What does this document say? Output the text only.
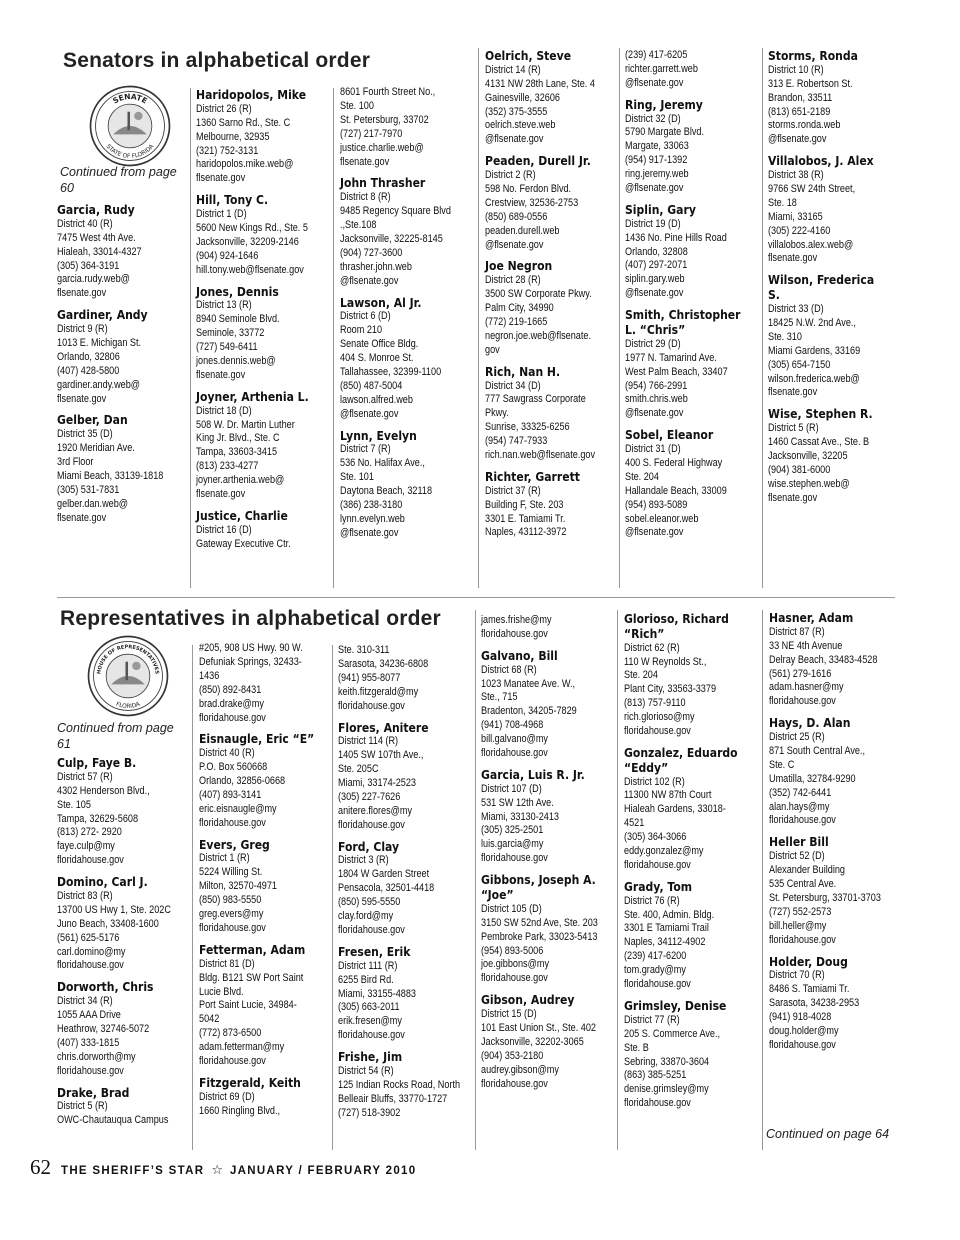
Senators in alphabetical order
SENATE
STATE OF FLORIDA
Continued from page 60
Garcia, Rudy
District 40 (R)
7475 West 4th Ave.
Hialeah, 33014-4327
(305) 364-3191
garcia.rudy.web@
flsenate.gov
Gardiner, Andy
District 9 (R)
1013 E. Michigan St.
Orlando, 32806
(407) 428-5800
gardiner.andy.web@
flsenate.gov
Gelber, Dan
District 35 (D)
1920 Meridian Ave.
3rd Floor
Miami Beach, 33139-1818
(305) 531-7831
gelber.dan.web@
flsenate.gov
Haridopolos, Mike
District 26 (R)
1360 Sarno Rd., Ste. C
Melbourne, 32935
(321) 752-3131
haridopolos.mike.web@
flsenate.gov
Hill, Tony C.
District 1 (D)
5600 New Kings Rd., Ste. 5
Jacksonville, 32209-2146
(904) 924-1646
hill.tony.web@flsenate.gov
Jones, Dennis
District 13 (R)
8940 Seminole Blvd.
Seminole, 33772
(727) 549-6411
jones.dennis.web@
flsenate.gov
Joyner, Arthenia L.
District 18 (D)
508 W. Dr. Martin Luther
King Jr. Blvd., Ste. C
Tampa, 33603-3415
(813) 233-4277
joyner.arthenia.web@
flsenate.gov
Justice, Charlie
District 16 (D)
Gateway Executive Ctr.
8601 Fourth Street No.,
Ste. 100
St. Petersburg, 33702
(727) 217-7970
justice.charlie.web@
flsenate.gov
John Thrasher
District 8 (R)
9485 Regency Square Blvd
.,Ste.108
Jacksonville, 32225-8145
(904) 727-3600
thrasher.john.web
@flsenate.gov
Lawson, Al Jr.
District 6 (D)
Room 210
Senate Office Bldg.
404 S. Monroe St.
Tallahassee, 32399-1100
(850) 487-5004
lawson.alfred.web
@flsenate.gov
Lynn, Evelyn
District 7 (R)
536 No. Halifax Ave.,
Ste. 101
Daytona Beach, 32118
(386) 238-3180
lynn.evelyn.web
@flsenate.gov
Oelrich, Steve
District 14 (R)
4131 NW 28th Lane, Ste. 4
Gainesville, 32606
(352) 375-3555
oelrich.steve.web
@flsenate.gov
Peaden, Durell Jr.
District 2 (R)
598 No. Ferdon Blvd.
Crestview, 32536-2753
(850) 689-0556
peaden.durell.web
@flsenate.gov
Joe Negron
District 28 (R)
3500 SW Corporate Pkwy.
Palm City, 34990
(772) 219-1665
negron.joe.web@flsenate.
gov
Rich, Nan H.
District 34 (D)
777 Sawgrass Corporate
Pkwy.
Sunrise, 33325-6256
(954) 747-7933
rich.nan.web@flsenate.gov
Richter, Garrett
District 37 (R)
Building F, Ste. 203
3301 E. Tamiami Tr.
Naples, 43112-3972
(239) 417-6205
richter.garrett.web
@flsenate.gov
Ring, Jeremy
District 32 (D)
5790 Margate Blvd.
Margate, 33063
(954) 917-1392
ring.jeremy.web
@flsenate.gov
Siplin, Gary
District 19 (D)
1436 No. Pine Hills Road
Orlando, 32808
(407) 297-2071
siplin.gary.web
@flsenate.gov
Smith, Christopher L. “Chris”
District 29 (D)
1977 N. Tamarind Ave.
West Palm Beach, 33407
(954) 766-2991
smith.chris.web
@flsenate.gov
Sobel, Eleanor
District 31 (D)
400 S. Federal Highway
Ste. 204
Hallandale Beach, 33009
(954) 893-5089
sobel.eleanor.web
@flsenate.gov
Storms, Ronda
District 10 (R)
313 E. Robertson St.
Brandon, 33511
(813) 651-2189
storms.ronda.web
@flsenate.gov
Villalobos, J. Alex
District 38 (R)
9766 SW 24th Street,
Ste. 18
Miami, 33165
(305) 222-4160
villalobos.alex.web@
flsenate.gov
Wilson, Frederica S.
District 33 (D)
18425 N.W. 2nd Ave.,
Ste. 310
Miami Gardens, 33169
(305) 654-7150
wilson.frederica.web@
flsenate.gov
Wise, Stephen R.
District 5 (R)
1460 Cassat Ave., Ste. B
Jacksonville, 32205
(904) 381-6000
wise.stephen.web@
flsenate.gov
Representatives in alphabetical order
HOUSE OF REPRESENTATIVES
FLORIDA
Continued from page 61
Culp, Faye B.
District 57 (R)
4302 Henderson Blvd.,
Ste. 105
Tampa, 32629-5608
(813) 272- 2920
faye.culp@my
floridahouse.gov
Domino, Carl J.
District 83 (R)
13700 US Hwy 1, Ste. 202C
Juno Beach, 33408-1600
(561) 625-5176
carl.domino@my
floridahouse.gov
Dorworth, Chris
District 34 (R)
1055 AAA Drive
Heathrow, 32746-5072
(407) 333-1815
chris.dorworth@my
floridahouse.gov
Drake, Brad
District 5 (R)
OWC-Chautauqua Campus
#205, 908 US Hwy. 90 W.
Defuniak Springs, 32433-
1436
(850) 892-8431
brad.drake@my
floridahouse.gov
Eisnaugle, Eric “E”
District 40 (R)
P.O. Box 560668
Orlando, 32856-0668
(407) 893-3141
eric.eisnaugle@my
floridahouse.gov
Evers, Greg
District 1 (R)
5224 Willing St.
Milton, 32570-4971
(850) 983-5550
greg.evers@my
floridahouse.gov
Fetterman, Adam
District 81 (D)
Bldg. B121 SW Port Saint
Lucie Blvd.
Port Saint Lucie, 34984-
5042
(772) 873-6500
adam.fetterman@my
floridahouse.gov
Fitzgerald, Keith
District 69 (D)
1660 Ringling Blvd.,
Ste. 310-311
Sarasota, 34236-6808
(941) 955-8077
keith.fitzgerald@my
floridahouse.gov
Flores, Anitere
District 114 (R)
1405 SW 107th Ave.,
Ste. 205C
Miami, 33174-2523
(305) 227-7626
anitere.flores@my
floridahouse.gov
Ford, Clay
District 3 (R)
1804 W Garden Street
Pensacola, 32501-4418
(850) 595-5550
clay.ford@my
floridahouse.gov
Fresen, Erik
District 111 (R)
6255 Bird Rd.
Miami, 33155-4883
(305) 663-2011
erik.fresen@my
floridahouse.gov
Frishe, Jim
District 54 (R)
125 Indian Rocks Road, North
Belleair Bluffs, 33770-1727
(727) 518-3902
james.frishe@my
floridahouse.gov
Galvano, Bill
District 68 (R)
1023 Manatee Ave. W.,
Ste., 715
Bradenton, 34205-7829
(941) 708-4968
bill.galvano@my
floridahouse.gov
Garcia, Luis R. Jr.
District 107 (D)
531 SW 12th Ave.
Miami, 33130-2413
(305) 325-2501
luis.garcia@my
floridahouse.gov
Gibbons, Joseph A. “Joe”
District 105 (D)
3150 SW 52nd Ave, Ste. 203
Pembroke Park, 33023-5413
(954) 893-5006
joe.gibbons@my
floridahouse.gov
Gibson, Audrey
District 15 (D)
101 East Union St., Ste. 402
Jacksonville, 32202-3065
(904) 353-2180
audrey.gibson@my
floridahouse.gov
Glorioso, Richard “Rich”
District 62 (R)
110 W Reynolds St.,
Ste. 204
Plant City, 33563-3379
(813) 757-9110
rich.glorioso@my
floridahouse.gov
Gonzalez, Eduardo “Eddy”
District 102 (R)
11300 NW 87th Court
Hialeah Gardens, 33018-
4521
(305) 364-3066
eddy.gonzalez@my
floridahouse.gov
Grady, Tom
District 76 (R)
Ste. 400, Admin. Bldg.
3301 E Tamiami Trail
Naples, 34112-4902
(239) 417-6200
tom.grady@my
floridahouse.gov
Grimsley, Denise
District 77 (R)
205 S. Commerce Ave.,
Ste. B
Sebring, 33870-3604
(863) 385-5251
denise.grimsley@my
floridahouse.gov
Hasner, Adam
District 87 (R)
33 NE 4th Avenue
Delray Beach, 33483-4528
(561) 279-1616
adam.hasner@my
floridahouse.gov
Hays, D. Alan
District 25 (R)
871 South Central Ave.,
Ste. C
Umatilla, 32784-9290
(352) 742-6441
alan.hays@my
floridahouse.gov
Heller Bill
District 52 (D)
Alexander Building
535 Central Ave.
St. Petersburg, 33701-3703
(727) 552-2573
bill.heller@my
floridahouse.gov
Holder, Doug
District 70 (R)
8486 S. Tamiami Tr.
Sarasota, 34238-2953
(941) 918-4028
doug.holder@my
floridahouse.gov
Continued on page 64
62 THE SHERIFF’S STAR ☆ JANUARY / FEBRUARY 2010
